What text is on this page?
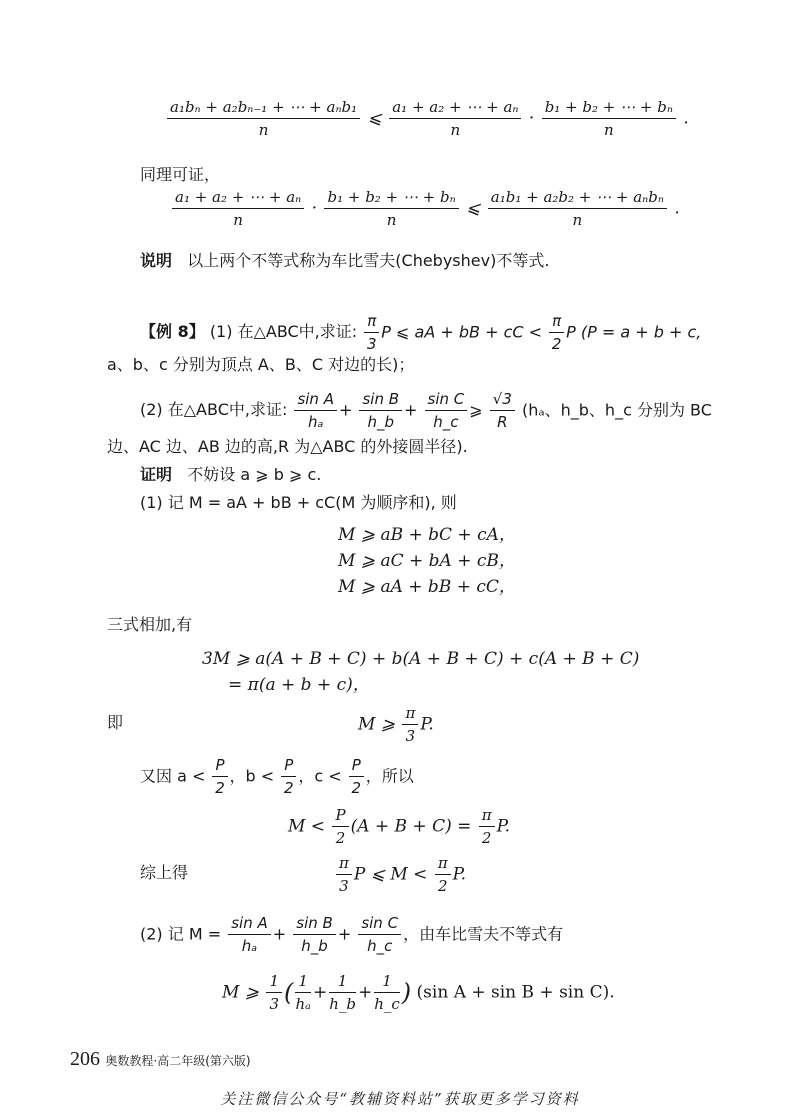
$\frac{\text{a₁bₙ + a₂bₙ₋₁ + ⋯ + aₙb₁}}{n}$ ⩽ $\frac{\text{a₁ + a₂ + ⋯ + aₙ}}{n} \cdot \frac{\text{b₁ + b₂ + ⋯ + bₙ}}{n}$ .
同理可证，
$\frac{\text{a₁ + a₂ + ⋯ + aₙ}}{n} \cdot \frac{\text{b₁ + b₂ + ⋯ + bₙ}}{n}$ ⩽ $\frac{\text{a₁b₁ + a₂b₂ + ⋯ + aₙbₙ}}{n}$ .
说明 以上两个不等式称为车比雪夫(Chebyshev)不等式.
【例 8】 (1) 在△ABC中,求证: $\frac{\pi}{3}$ P ⩽ aA + bB + cC < $\frac{\pi}{2}$ P (P = a + b + c,
a、b、c 分别为顶点 A、B、C 对边的长)；
(2) 在△ABC中,求证: $\frac{\text{sin A}}{\text{hₐ}} + \frac{\text{sin B}}{h\_b} + \frac{\text{sin C}}{h\_c}$ ⩾ $\frac{√3}{R} (h_a$、h_b、h_c 分别为 BC
边、AC 边、AB 边的高,R 为△ABC 的外接圆半径).
证明 不妨设 a ⩾ b ⩾ c.
(1) 记 M = aA + bB + cC(M 为顺序和), 则
M ⩾ aB + bC + cA，
M ⩾ aC + bA + cB，
M ⩾ aA + bB + cC，
三式相加,有
3M ⩾ a(A + B + C) + b(A + B + C) + c(A + B + C)
= π(a + b + c)，
即	M ⩾ $\frac{\pi}{3} P$.
又因 $a < \frac{P}{2}$ ，$b < \frac{P}{2}$ ，$c < \frac{P}{2}$ ，所以
$M < \frac{P}{2} (A + B + C) = \frac{\pi}{2} P$.
综上得	$\frac{\pi}{3}$ P ⩽ $M < \frac{\pi}{2} P$.
(2) 记 $M = \frac{\text{sin A}}{\text{hₐ}} + \frac{\text{sin B}}{h\_b} + \frac{\text{sin C}}{h\_c}$ ，由车比雪夫不等式有
M ⩾ $\frac{1}{3}$ ( $\frac{1}{\text{hₐ}} + \frac{1}{h\_b} + \frac{1}{h\_c}$ ) (sin A + sin B + sin C).
206 奥数教程·高二年级(第六版)
关注微信公众号“教辅资料站”获取更多学习资料
